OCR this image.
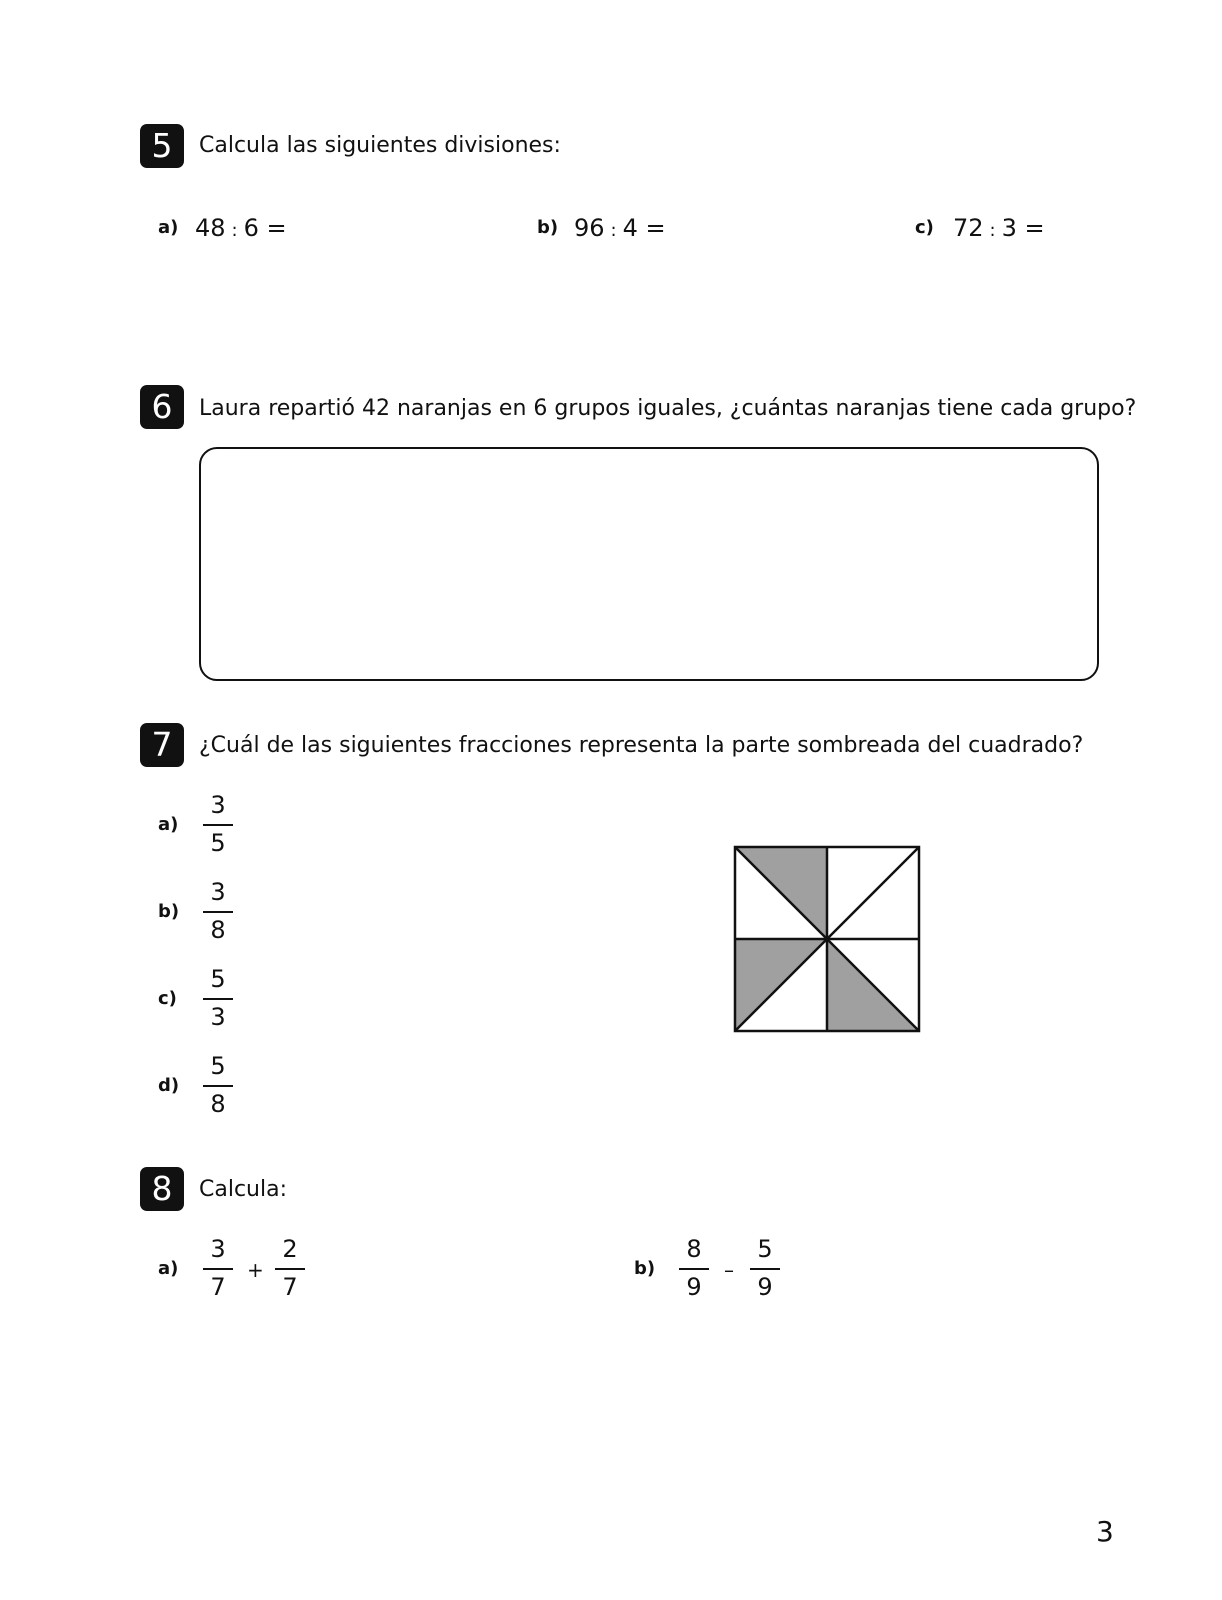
5	Calcula las siguientes divisiones:
a) 48 : 6 =	b) 96 : 4 =	c) 72 : 3 =
6	Laura repartió 42 naranjas en 6 grupos iguales, ¿cuántas naranjas tiene cada grupo?
7	¿Cuál de las siguientes fracciones representa la parte sombreada del cuadrado?
$a) \frac{3}{5}$
$b) \frac{3}{8}$
$c) \frac{5}{3}$
$d) \frac{5}{8}$
8	Calcula:
$a) \frac{3}{7} + \frac{2}{7}$	$b) \frac{8}{9} - \frac{5}{9}$
3
